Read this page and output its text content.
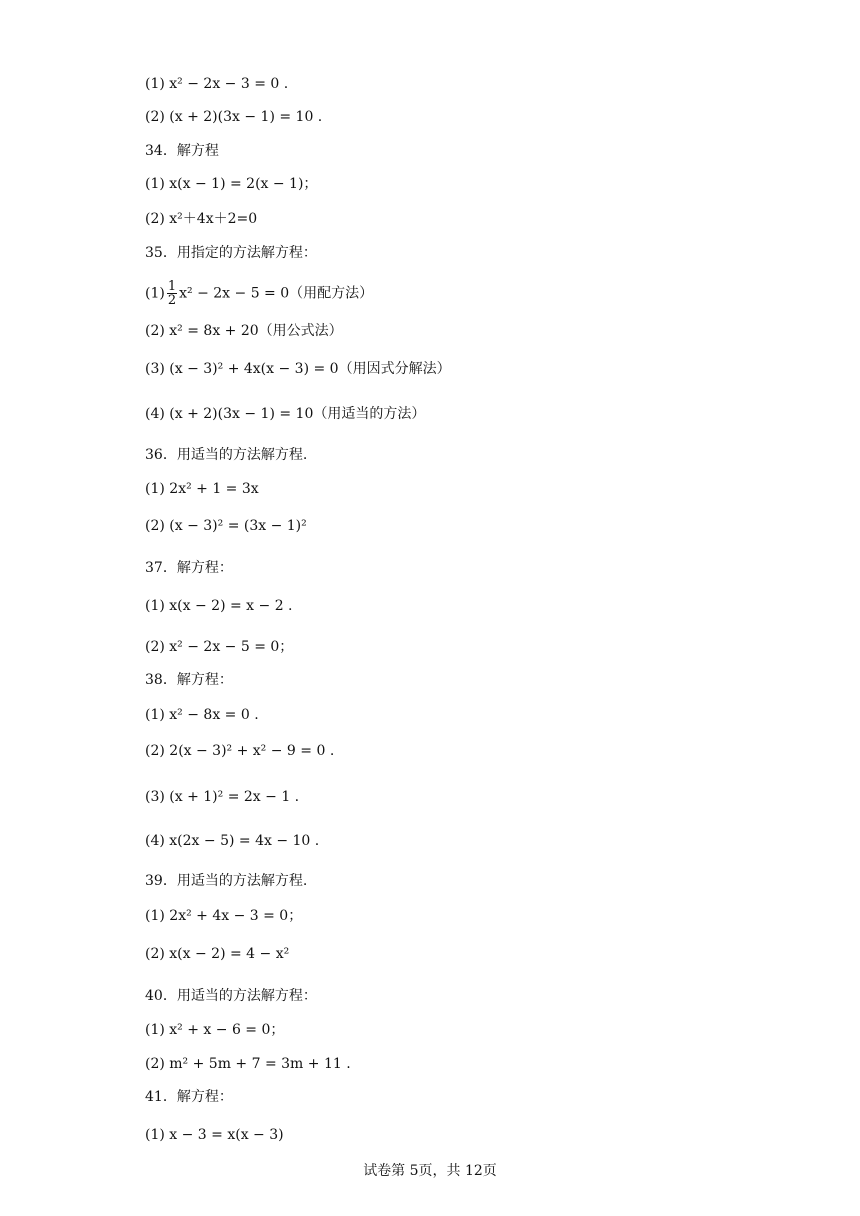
(1) x² − 2x − 3 = 0 .
(2) (x + 2)(3x − 1) = 10 .
34．解方程
(1) x(x − 1) = 2(x − 1)；
(2) x²＋4x＋2=0
35．用指定的方法解方程：
$(1) \frac{1}{2} x^2 - 2x - 5 = 0$（用配方法）
(2) x² = 8x + 20（用公式法）
(3) (x − 3)² + 4x(x − 3) = 0（用因式分解法）
(4) (x + 2)(3x − 1) = 10（用适当的方法）
36．用适当的方法解方程.
(1) 2x² + 1 = 3x
(2) (x − 3)² = (3x − 1)²
37．解方程：
(1) x(x − 2) = x − 2 .
(2) x² − 2x − 5 = 0；
38．解方程：
(1) x² − 8x = 0 .
(2) 2(x − 3)² + x² − 9 = 0 .
(3) (x + 1)² = 2x − 1 .
(4) x(2x − 5) = 4x − 10 .
39．用适当的方法解方程.
(1) 2x² + 4x − 3 = 0；
(2) x(x − 2) = 4 − x²
40．用适当的方法解方程：
(1) x² + x − 6 = 0；
(2) m² + 5m + 7 = 3m + 11 .
41．解方程：
(1) x − 3 = x(x − 3)
试卷第 5页，共 12页
